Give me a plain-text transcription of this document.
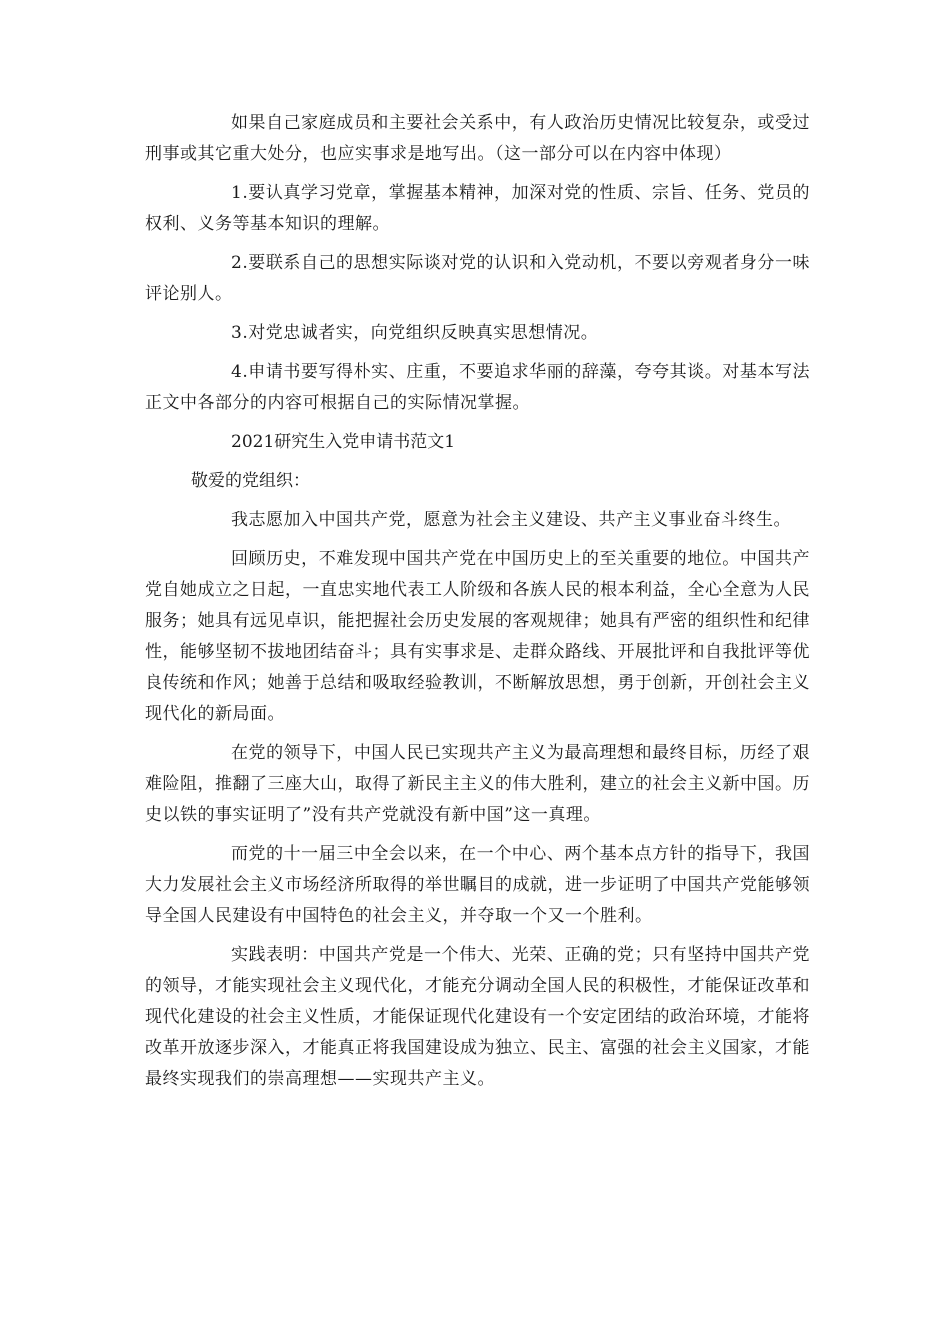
如果自己家庭成员和主要社会关系中，有人政治历史情况比较复杂，或受过刑事或其它重大处分，也应实事求是地写出。（这一部分可以在内容中体现）

1.要认真学习党章，掌握基本精神，加深对党的性质、宗旨、任务、党员的权利、义务等基本知识的理解。

2.要联系自己的思想实际谈对党的认识和入党动机，不要以旁观者身分一味评论别人。

3.对党忠诚者实，向党组织反映真实思想情况。

4.申请书要写得朴实、庄重，不要追求华丽的辞藻，夸夸其谈。对基本写法正文中各部分的内容可根据自己的实际情况掌握。

2021研究生入党申请书范文1

敬爱的党组织：

我志愿加入中国共产党，愿意为社会主义建设、共产主义事业奋斗终生。

回顾历史，不难发现中国共产党在中国历史上的至关重要的地位。中国共产党自她成立之日起，一直忠实地代表工人阶级和各族人民的根本利益，全心全意为人民服务；她具有远见卓识，能把握社会历史发展的客观规律；她具有严密的组织性和纪律性，能够坚韧不拔地团结奋斗；具有实事求是、走群众路线、开展批评和自我批评等优良传统和作风；她善于总结和吸取经验教训，不断解放思想，勇于创新，开创社会主义现代化的新局面。

在党的领导下，中国人民已实现共产主义为最高理想和最终目标，历经了艰难险阻，推翻了三座大山，取得了新民主主义的伟大胜利，建立的社会主义新中国。历史以铁的事实证明了”没有共产党就没有新中国”这一真理。

而党的十一届三中全会以来，在一个中心、两个基本点方针的指导下，我国大力发展社会主义市场经济所取得的举世瞩目的成就，进一步证明了中国共产党能够领导全国人民建设有中国特色的社会主义，并夺取一个又一个胜利。

实践表明：中国共产党是一个伟大、光荣、正确的党；只有坚持中国共产党的领导，才能实现社会主义现代化，才能充分调动全国人民的积极性，才能保证改革和现代化建设的社会主义性质，才能保证现代化建设有一个安定团结的政治环境，才能将改革开放逐步深入，才能真正将我国建设成为独立、民主、富强的社会主义国家，才能最终实现我们的崇高理想——实现共产主义。
